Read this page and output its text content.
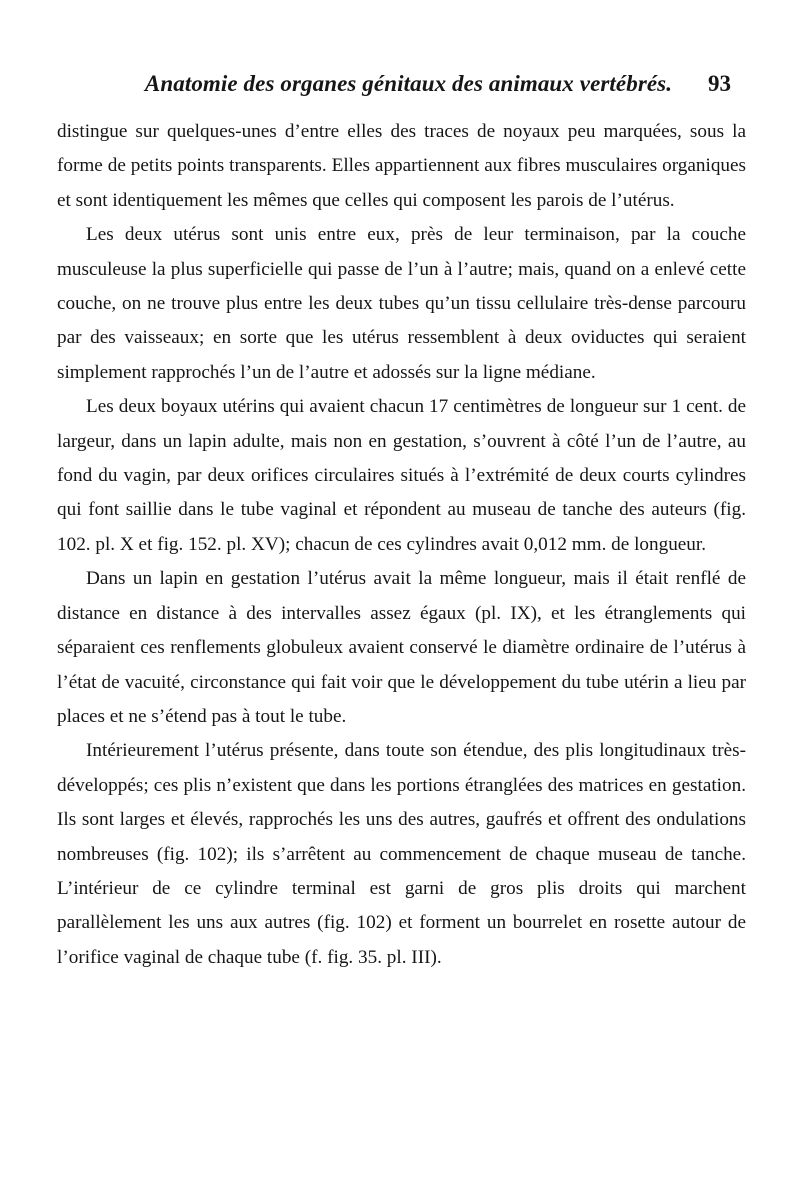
Anatomie des organes génitaux des animaux vertébrés.	93

distingue sur quelques-unes d’entre elles des traces de noyaux peu marquées, sous la forme de petits points transparents. Elles appartiennent aux fibres musculaires organiques et sont identiquement les mêmes que celles qui composent les parois de l’utérus.

Les deux utérus sont unis entre eux, près de leur terminaison, par la couche musculeuse la plus superficielle qui passe de l’un à l’autre; mais, quand on a enlevé cette couche, on ne trouve plus entre les deux tubes qu’un tissu cellulaire très-dense parcouru par des vaisseaux; en sorte que les utérus ressemblent à deux oviductes qui seraient simplement rapprochés l’un de l’autre et adossés sur la ligne médiane.

Les deux boyaux utérins qui avaient chacun 17 centimètres de longueur sur 1 cent. de largeur, dans un lapin adulte, mais non en gestation, s’ouvrent à côté l’un de l’autre, au fond du vagin, par deux orifices circulaires situés à l’extrémité de deux courts cylindres qui font saillie dans le tube vaginal et répondent au museau de tanche des auteurs (fig. 102. pl. X et fig. 152. pl. XV); chacun de ces cylindres avait 0,012 mm. de longueur.

Dans un lapin en gestation l’utérus avait la même longueur, mais il était renflé de distance en distance à des intervalles assez égaux (pl. IX), et les étranglements qui séparaient ces renflements globuleux avaient conservé le diamètre ordinaire de l’utérus à l’état de vacuité, circonstance qui fait voir que le développement du tube utérin a lieu par places et ne s’étend pas à tout le tube.

Intérieurement l’utérus présente, dans toute son étendue, des plis longitudinaux très-développés; ces plis n’existent que dans les portions étranglées des matrices en gestation. Ils sont larges et élevés, rapprochés les uns des autres, gaufrés et offrent des ondulations nombreuses (fig. 102); ils s’arrêtent au commencement de chaque museau de tanche. L’intérieur de ce cylindre terminal est garni de gros plis droits qui marchent parallèlement les uns aux autres (fig. 102) et forment un bourrelet en rosette autour de l’orifice vaginal de chaque tube (f. fig. 35. pl. III).
